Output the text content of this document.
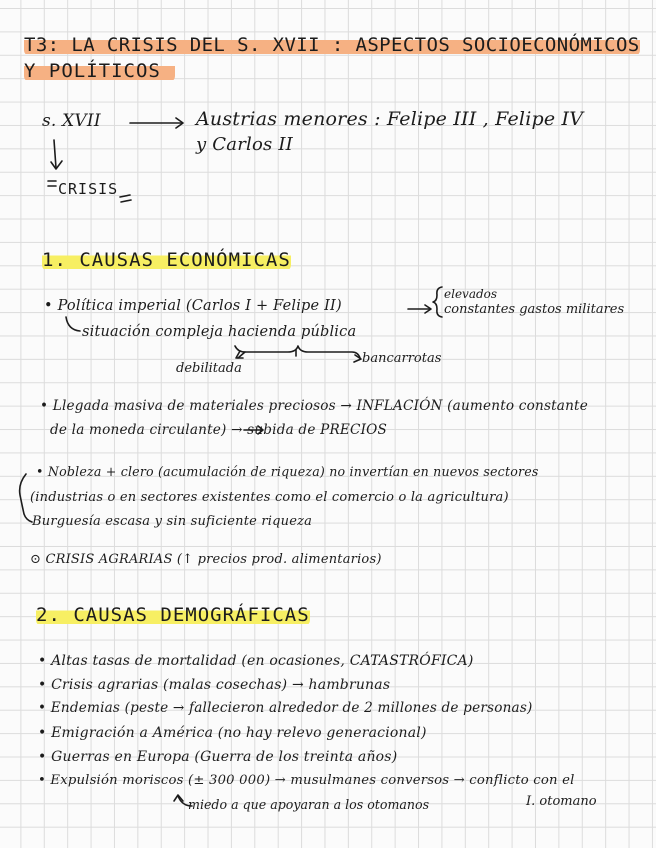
T3: LA CRISIS DEL S. XVII : ASPECTOS SOCIOECONÓMICOS
Y POLÍTICOS
s. XVII	Austrias menores : Felipe III , Felipe IV
y Carlos II
CRISIS
1. CAUSAS ECONÓMICAS
• Política imperial (Carlos I + Felipe II)
elevados
constantes gastos militares
situación compleja hacienda pública
debilitada
bancarrotas
• Llegada masiva de materiales preciosos → INFLACIÓN (aumento constante
de la moneda circulante) → subida de PRECIOS
• Nobleza + clero (acumulación de riqueza) no invertían en nuevos sectores
(industrias o en sectores existentes como el comercio o la agricultura)
Burguesía escasa y sin suficiente riqueza
⊙ CRISIS AGRARIAS (↑ precios prod. alimentarios)
2. CAUSAS DEMOGRÁFICAS
• Altas tasas de mortalidad (en ocasiones, CATASTRÓFICA)
• Crisis agrarias (malas cosechas) → hambrunas
• Endemias (peste → fallecieron alrededor de 2 millones de personas)
• Emigración a América (no hay relevo generacional)
• Guerras en Europa (Guerra de los treinta años)
• Expulsión moriscos (± 300 000) → musulmanes conversos → conflicto con el
I. otomano
miedo a que apoyaran a los otomanos
